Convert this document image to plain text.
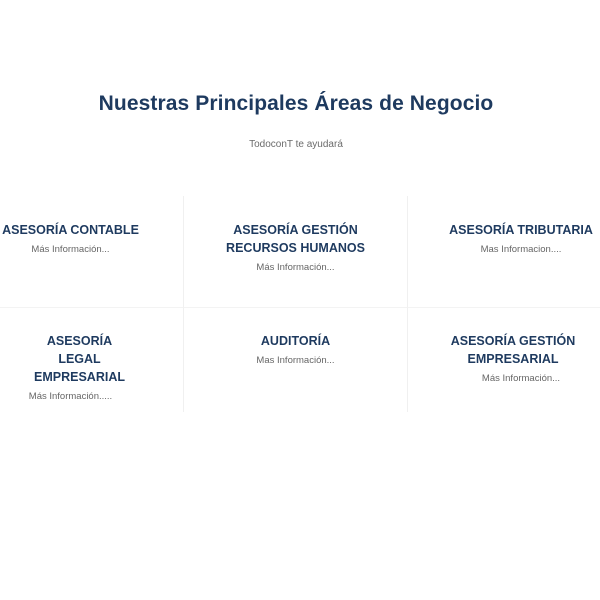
Nuestras Principales Áreas de Negocio

TodoconT te ayudará

ASESORÍA CONTABLE
Más Información...
ASESORÍA GESTIÓN RECURSOS HUMANOS
Más Información...
ASESORÍA TRIBUTARIA
Mas Informacion....
ASESORÍA LEGAL EMPRESARIAL
Más Información.....
AUDITORÍA
Mas Información...
ASESORÍA GESTIÓN EMPRESARIAL
Más Información...
